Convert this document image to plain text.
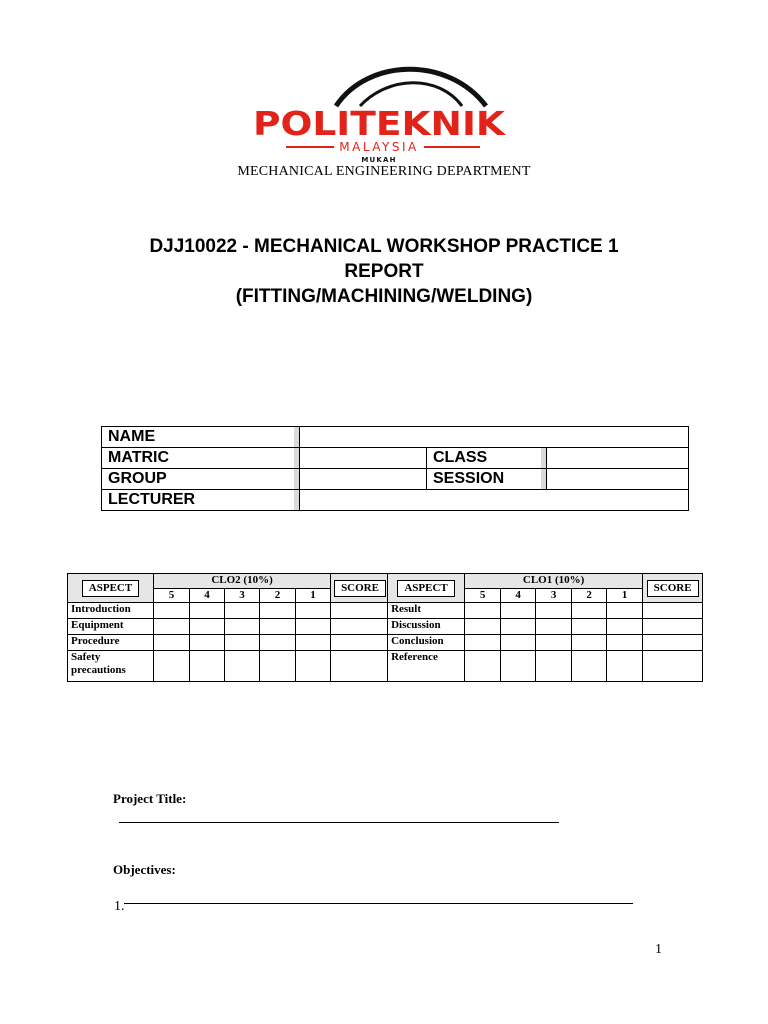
POLITEKNIK
MALAYSIA
MUKAH
MECHANICAL ENGINEERING DEPARTMENT
DJJ10022 - MECHANICAL WORKSHOP PRACTICE 1
REPORT
(FITTING/MACHINING/WELDING)
NAME					
MATRIC			CLASS		
GROUP			SESSION		
LECTURER					
ASPECT	CLO2 (10%)					SCORE	ASPECT	CLO1 (10%)					SCORE
	5	4	3	2	1			5	4	3	2	1	
Introduction							Result						
Equipment							Discussion						
Procedure							Conclusion						
Safety precautions							Reference						
Project Title:
Objectives:
1.
1
